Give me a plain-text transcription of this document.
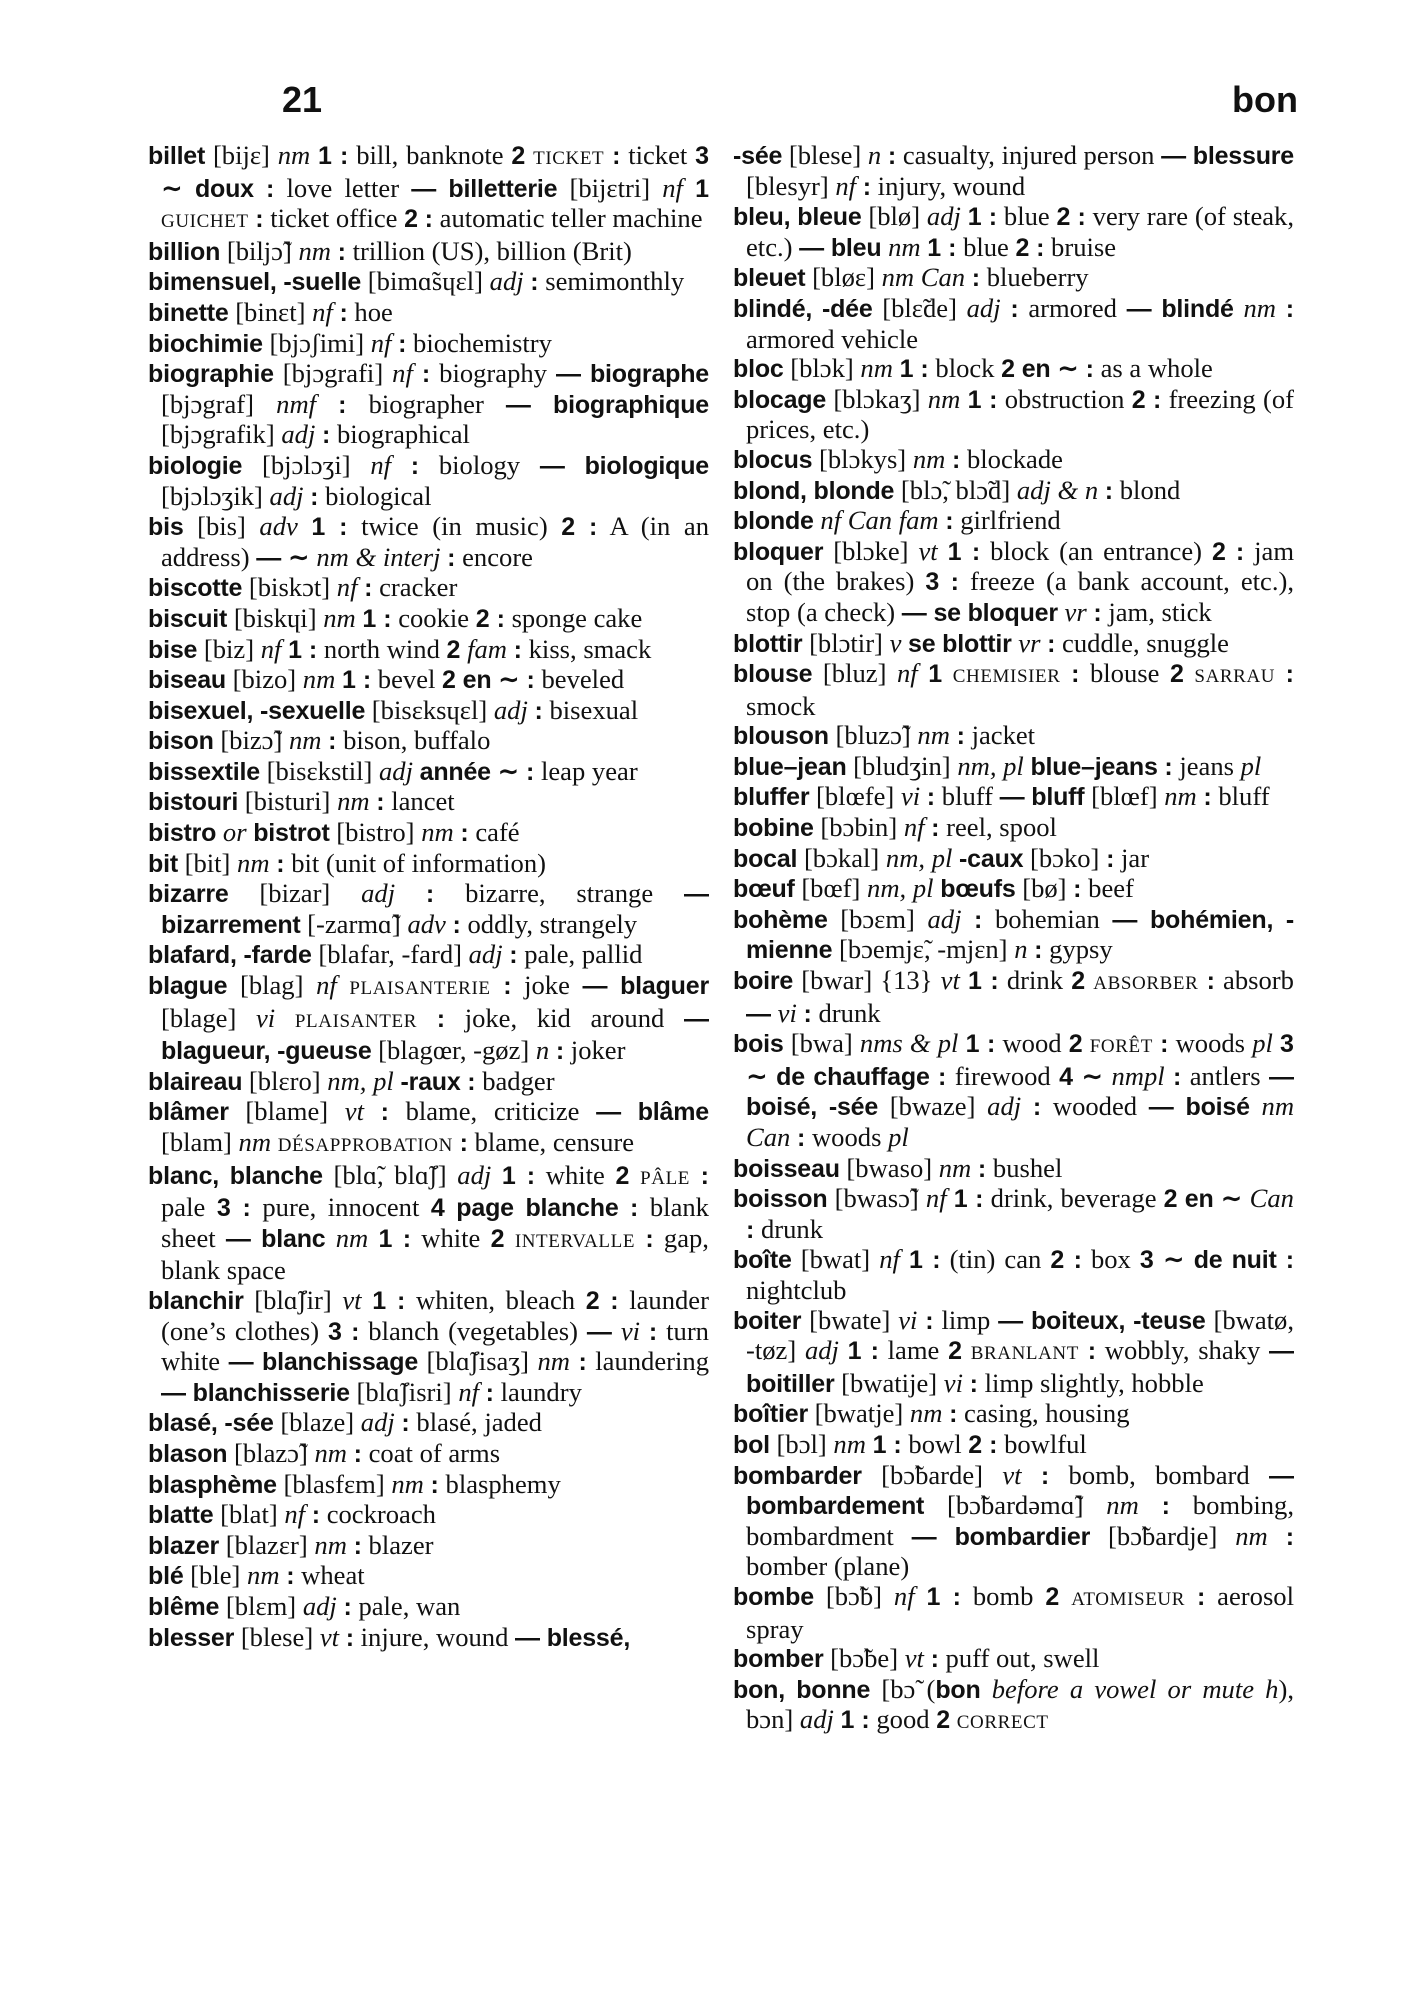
21	bon

billet [bijɛ] nm 1 : bill, banknote 2 TICKET : ticket 3 ∼ doux : love letter — billetterie [bijɛtri] nf 1 GUICHET : ticket office 2 : automatic teller machine

billion [biljɔ̃] nm : trillion (US), billion (Brit)

bimensuel, -suelle [bimɑ̃sɥɛl] adj : semimonthly

binette [binɛt] nf : hoe

biochimie [bjɔʃimi] nf : biochemistry

biographie [bjɔgrafi] nf : biography — biographe [bjɔgraf] nmf : biographer — biographique [bjɔgrafik] adj : biographical

biologie [bjɔlɔʒi] nf : biology — biologique [bjɔlɔʒik] adj : biological

bis [bis] adv 1 : twice (in music) 2 : A (in an address) — ∼ nm & interj : encore

biscotte [biskɔt] nf : cracker

biscuit [biskɥi] nm 1 : cookie 2 : sponge cake

bise [biz] nf 1 : north wind 2 fam : kiss, smack

biseau [bizo] nm 1 : bevel 2 en ∼ : beveled

bisexuel, -sexuelle [bisɛksɥɛl] adj : bisexual

bison [bizɔ̃] nm : bison, buffalo

bissextile [bisɛkstil] adj année ∼ : leap year

bistouri [bisturi] nm : lancet

bistro or bistrot [bistro] nm : café

bit [bit] nm : bit (unit of information)

bizarre [bizar] adj : bizarre, strange — bizarrement [-zarmɑ̃] adv : oddly, strangely

blafard, -farde [blafar, -fard] adj : pale, pallid

blague [blag] nf PLAISANTERIE : joke — blaguer [blage] vi PLAISANTER : joke, kid around — blagueur, -gueuse [blagœr, -gøz] n : joker

blaireau [blɛro] nm, pl -raux : badger

blâmer [blame] vt : blame, criticize — blâme [blam] nm DÉSAPPROBATION : blame, censure

blanc, blanche [blɑ̃, blɑ̃ʃ] adj 1 : white 2 PÂLE : pale 3 : pure, innocent 4 page blanche : blank sheet — blanc nm 1 : white 2 INTERVALLE : gap, blank space

blanchir [blɑ̃ʃir] vt 1 : whiten, bleach 2 : launder (one’s clothes) 3 : blanch (vegetables) — vi : turn white — blanchissage [blɑ̃ʃisaʒ] nm : laundering — blanchisserie [blɑ̃ʃisri] nf : laundry

blasé, -sée [blaze] adj : blasé, jaded

blason [blazɔ̃] nm : coat of arms

blasphème [blasfɛm] nm : blasphemy

blatte [blat] nf : cockroach

blazer [blazɛr] nm : blazer

blé [ble] nm : wheat

blême [blɛm] adj : pale, wan

blesser [blese] vt : injure, wound — blessé,

-sée [blese] n : casualty, injured person — blessure [blesyr] nf : injury, wound

bleu, bleue [blø] adj 1 : blue 2 : very rare (of steak, etc.) — bleu nm 1 : blue 2 : bruise

bleuet [bløɛ] nm Can : blueberry

blindé, -dée [blɛ̃de] adj : armored — blindé nm : armored vehicle

bloc [blɔk] nm 1 : block 2 en ∼ : as a whole

blocage [blɔkaʒ] nm 1 : obstruction 2 : freezing (of prices, etc.)

blocus [blɔkys] nm : blockade

blond, blonde [blɔ̃, blɔ̃d] adj & n : blond

blonde nf Can fam : girlfriend

bloquer [blɔke] vt 1 : block (an entrance) 2 : jam on (the brakes) 3 : freeze (a bank account, etc.), stop (a check) — se bloquer vr : jam, stick

blottir [blɔtir] v se blottir vr : cuddle, snuggle

blouse [bluz] nf 1 CHEMISIER : blouse 2 SARRAU : smock

blouson [bluzɔ̃] nm : jacket

blue–jean [bludʒin] nm, pl blue–jeans : jeans pl

bluffer [blœfe] vi : bluff — bluff [blœf] nm : bluff

bobine [bɔbin] nf : reel, spool

bocal [bɔkal] nm, pl -caux [bɔko] : jar

bœuf [bœf] nm, pl bœufs [bø] : beef

bohème [bɔɛm] adj : bohemian — bohémien, -mienne [bɔemjɛ̃, -mjɛn] n : gypsy

boire [bwar] {13} vt 1 : drink 2 ABSORBER : absorb — vi : drunk

bois [bwa] nms & pl 1 : wood 2 FORÊT : woods pl 3 ∼ de chauffage : firewood 4 ∼ nmpl : antlers — boisé, -sée [bwaze] adj : wooded — boisé nm Can : woods pl

boisseau [bwaso] nm : bushel

boisson [bwasɔ̃] nf 1 : drink, beverage 2 en ∼ Can : drunk

boîte [bwat] nf 1 : (tin) can 2 : box 3 ∼ de nuit : nightclub

boiter [bwate] vi : limp — boiteux, -teuse [bwatø, -tøz] adj 1 : lame 2 BRANLANT : wobbly, shaky — boitiller [bwatije] vi : limp slightly, hobble

boîtier [bwatje] nm : casing, housing

bol [bɔl] nm 1 : bowl 2 : bowlful

bombarder [bɔ̃barde] vt : bomb, bombard — bombardement [bɔ̃bardəmɑ̃] nm : bombing, bombardment — bombardier [bɔ̃bardje] nm : bomber (plane)

bombe [bɔ̃b] nf 1 : bomb 2 ATOMISEUR : aerosol spray

bomber [bɔ̃be] vt : puff out, swell

bon, bonne [bɔ̃ (bon before a vowel or mute h), bɔn] adj 1 : good 2 CORRECT
